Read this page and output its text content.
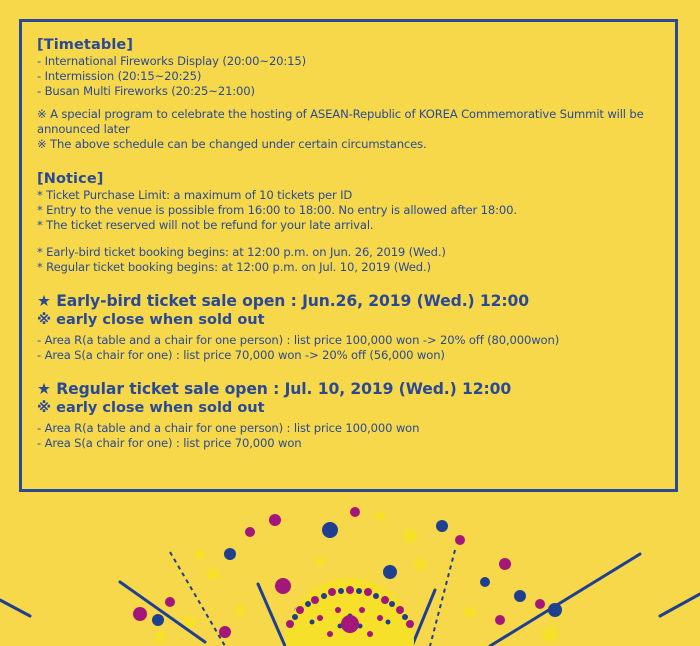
[Timetable]
- International Fireworks Display (20:00~20:15)
- Intermission (20:15~20:25)
- Busan Multi Fireworks (20:25~21:00)
※ A special program to celebrate the hosting of ASEAN-Republic of KOREA Commemorative Summit will be announced later
※ The above schedule can be changed under certain circumstances.
[Notice]
* Ticket Purchase Limit: a maximum of 10 tickets per ID
* Entry to the venue is possible from 16:00 to 18:00. No entry is allowed after 18:00.
* The ticket reserved will not be refund for your late arrival.
* Early-bird ticket booking begins: at 12:00 p.m. on Jun. 26, 2019 (Wed.)
* Regular ticket booking begins: at 12:00 p.m. on Jul. 10, 2019 (Wed.)
★ Early-bird ticket sale open : Jun.26, 2019 (Wed.) 12:00
※ early close when sold out
- Area R(a table and a chair for one person) : list price 100,000 won -> 20% off (80,000won)
- Area S(a chair for one) : list price 70,000 won -> 20% off (56,000 won)
★ Regular ticket sale open : Jul. 10, 2019 (Wed.) 12:00
※ early close when sold out
- Area R(a table and a chair for one person) : list price 100,000 won
- Area S(a chair for one) : list price 70,000 won
